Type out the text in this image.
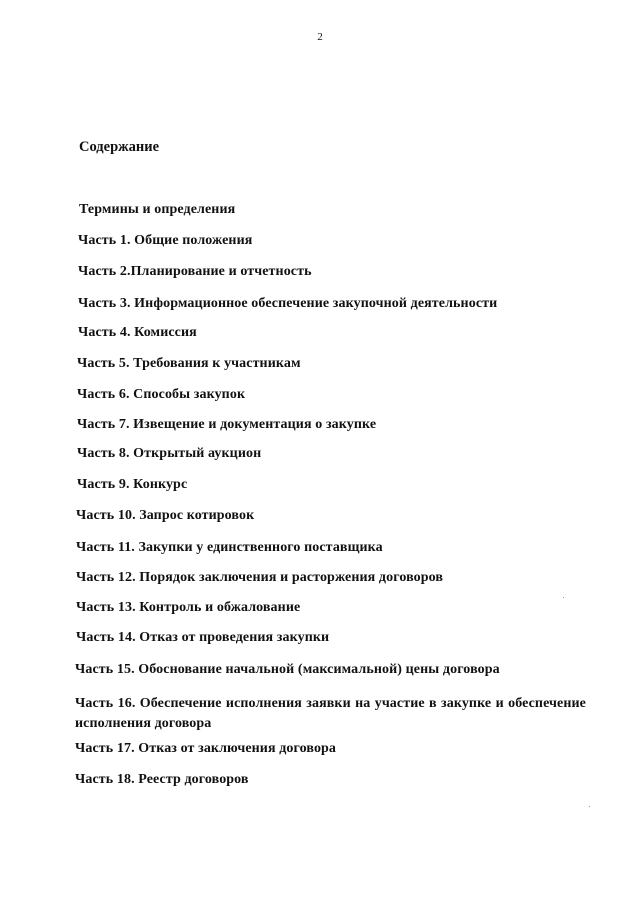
2
Содержание
Термины и определения
Часть 1. Общие положения
Часть 2.Планирование и отчетность
Часть 3. Информационное обеспечение закупочной деятельности
Часть 4. Комиссия
Часть 5. Требования к участникам
Часть 6. Способы закупок
Часть 7. Извещение и документация о закупке
Часть 8. Открытый аукцион
Часть 9. Конкурс
Часть 10. Запрос котировок
Часть 11. Закупки у единственного поставщика
Часть 12. Порядок заключения и расторжения договоров
Часть 13. Контроль и обжалование
Часть 14. Отказ от проведения закупки
Часть 15. Обоснование начальной (максимальной) цены договора
Часть 16. Обеспечение исполнения заявки на участие в закупке и обеспечение исполнения договора
Часть 17. Отказ от заключения договора
Часть 18. Реестр договоров
